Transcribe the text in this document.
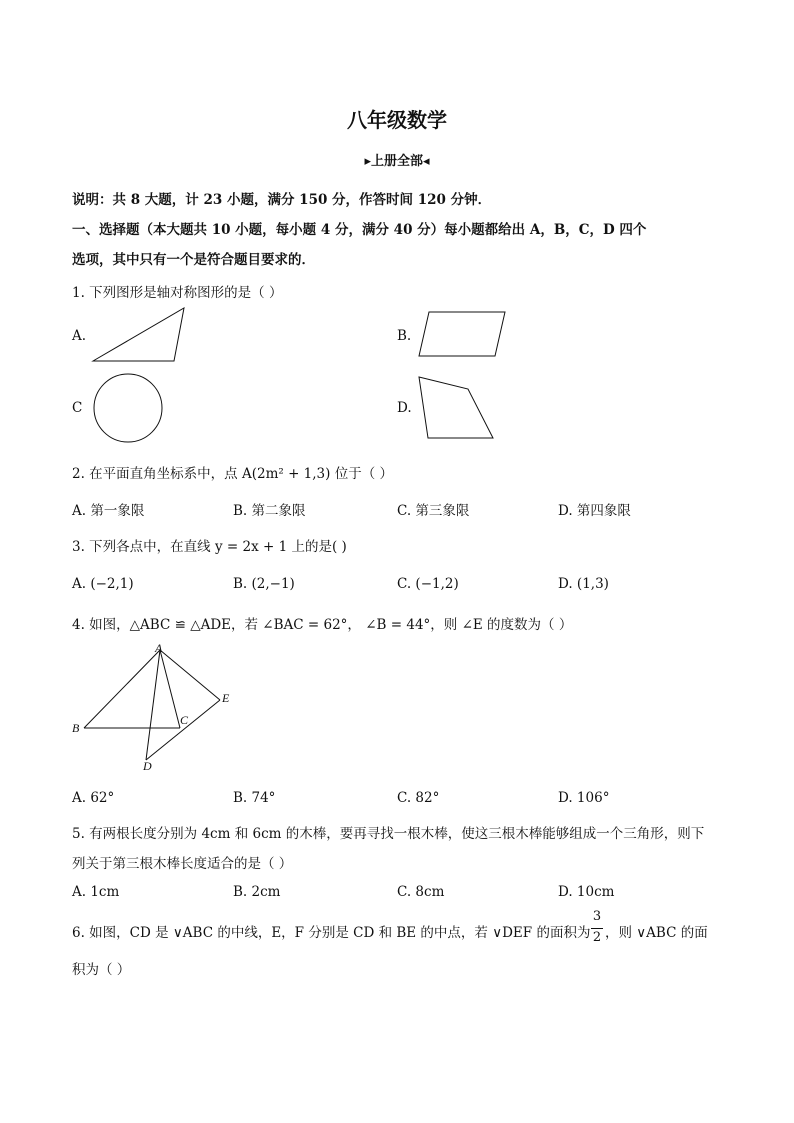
八年级数学
▸上册全部◂
说明：共 8 大题，计 23 小题，满分 150 分，作答时间 120 分钟．
一、选择题（本大题共 10 小题，每小题 4 分，满分 40 分）每小题都给出 A，B，C，D 四个
选项，其中只有一个是符合题目要求的．
1. 下列图形是轴对称图形的是（ ）
A.	B.
C	D.
2. 在平面直角坐标系中，点 A(2m² + 1,3) 位于（ ）
A. 第一象限	B. 第二象限	C. 第三象限	D. 第四象限
3. 下列各点中，在直线 y = 2x + 1 上的是( )
A. (−2,1)	B. (2,−1)	C. (−1,2)	D. (1,3)
4. 如图，△ABC ≌ △ADE，若 ∠BAC = 62°， ∠B = 44°，则 ∠E 的度数为（ ）
A
B
C
D
E
A. 62°	B. 74°	C. 82°	D. 106°
5. 有两根长度分别为 4cm 和 6cm 的木棒，要再寻找一根木棒，使这三根木棒能够组成一个三角形，则下
列关于第三根木棒长度适合的是（ ）
A. 1cm	B. 2cm	C. 8cm	D. 10cm
6. 如图，CD 是 ∨ABC 的中线，E，F 分别是 CD 和 BE 的中点，若 ∨DEF 的面积为
3
2 ，则 ∨ABC 的面
积为（ ）
